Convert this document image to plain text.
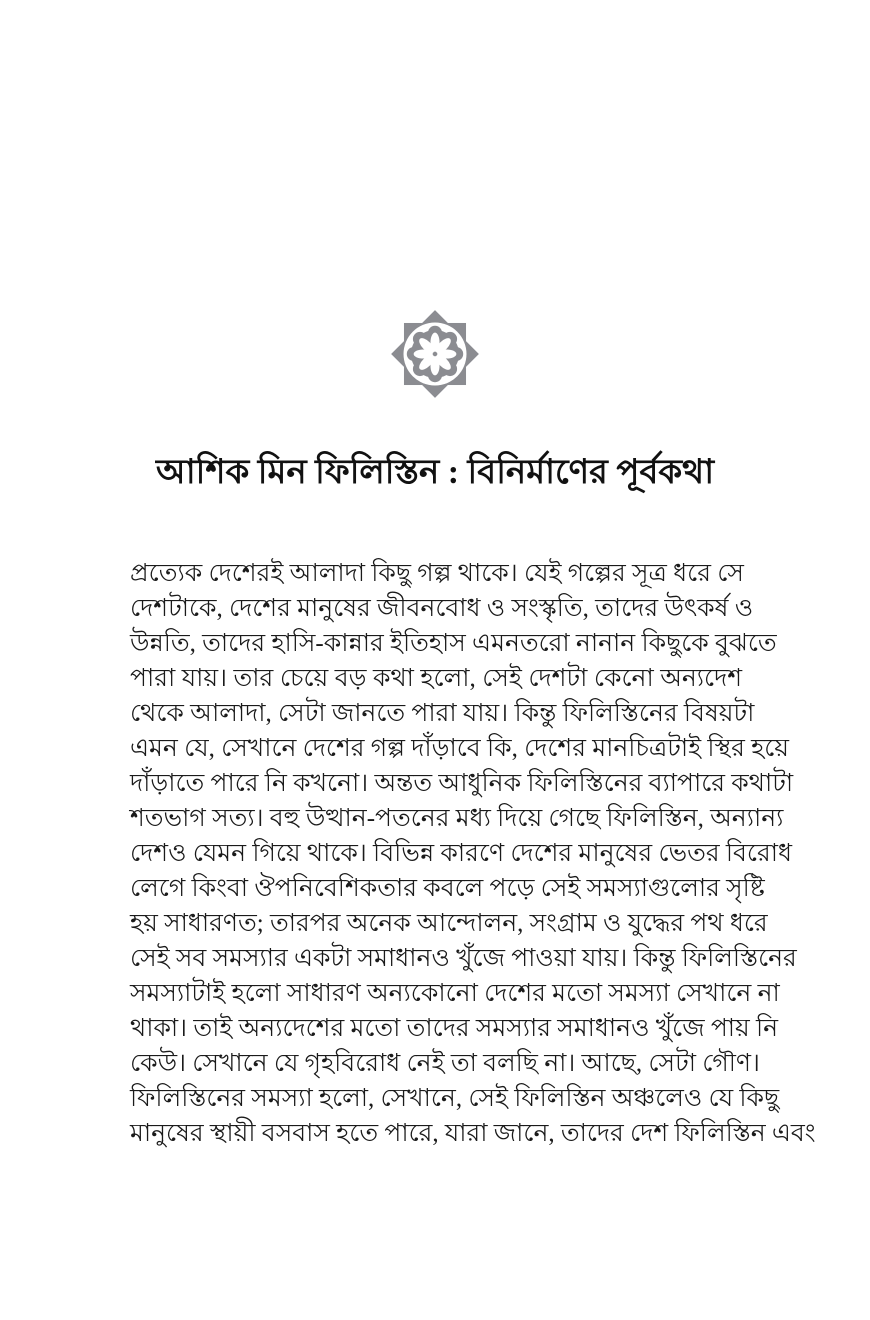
আশিক মিন ফিলিস্তিন : বিনির্মাণের পূর্বকথা
প্রত্যেক দেশেরই আলাদা কিছু গল্প থাকে। যেই গল্পের সূত্র ধরে সে
দেশটাকে, দেশের মানুষের জীবনবোধ ও সংস্কৃতি, তাদের উৎকর্ষ ও
উন্নতি, তাদের হাসি-কান্নার ইতিহাস এমনতরো নানান কিছুকে বুঝতে
পারা যায়। তার চেয়ে বড় কথা হলো, সেই দেশটা কেনো অন্যদেশ
থেকে আলাদা, সেটা জানতে পারা যায়। কিন্তু ফিলিস্তিনের বিষয়টা
এমন যে, সেখানে দেশের গল্প দাঁড়াবে কি, দেশের মানচিত্রটাই স্থির হয়ে
দাঁড়াতে পারে নি কখনো। অন্তত আধুনিক ফিলিস্তিনের ব্যাপারে কথাটা
শতভাগ সত্য। বহু উত্থান-পতনের মধ্য দিয়ে গেছে ফিলিস্তিন, অন্যান্য
দেশও যেমন গিয়ে থাকে। বিভিন্ন কারণে দেশের মানুষের ভেতর বিরোধ
লেগে কিংবা ঔপনিবেশিকতার কবলে পড়ে সেই সমস্যাগুলোর সৃষ্টি
হয় সাধারণত; তারপর অনেক আন্দোলন, সংগ্রাম ও যুদ্ধের পথ ধরে
সেই সব সমস্যার একটা সমাধানও খুঁজে পাওয়া যায়। কিন্তু ফিলিস্তিনের
সমস্যাটাই হলো সাধারণ অন্যকোনো দেশের মতো সমস্যা সেখানে না
থাকা। তাই অন্যদেশের মতো তাদের সমস্যার সমাধানও খুঁজে পায় নি
কেউ। সেখানে যে গৃহবিরোধ নেই তা বলছি না। আছে, সেটা গৌণ।
ফিলিস্তিনের সমস্যা হলো, সেখানে, সেই ফিলিস্তিন অঞ্চলেও যে কিছু
মানুষের স্থায়ী বসবাস হতে পারে, যারা জানে, তাদের দেশ ফিলিস্তিন এবং
